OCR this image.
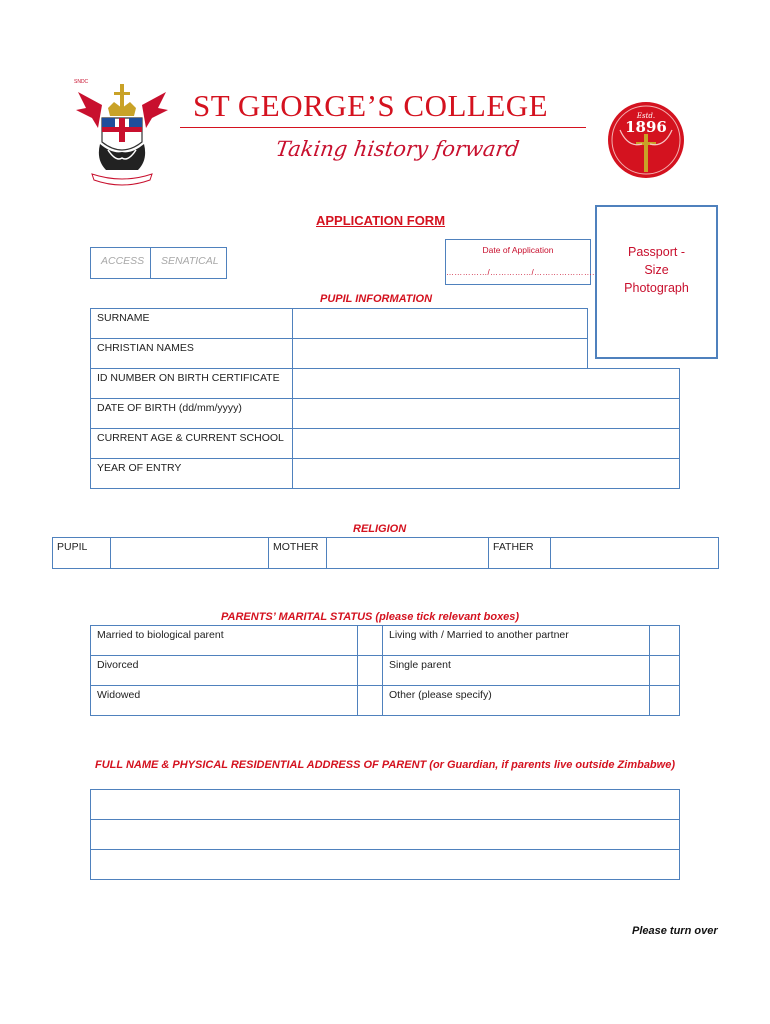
SNDC
ST GEORGE’S COLLEGE
Taking history forward
Estd.
1896
APPLICATION FORM
ACCESS	SENATICAL
Date of Application
……………/……………/………………….
Passport -
Size
Photograph
PUPIL INFORMATION
SURNAME	
CHRISTIAN NAMES	
ID NUMBER ON BIRTH CERTIFICATE	
DATE OF BIRTH (dd/mm/yyyy)	
CURRENT AGE & CURRENT SCHOOL	
YEAR OF ENTRY	
RELIGION
PUPIL		MOTHER		FATHER	
PARENTS’ MARITAL STATUS (please tick relevant boxes)
Married to biological parent		Living with / Married to another partner	
Divorced		Single parent	
Widowed		Other (please specify)	
FULL NAME & PHYSICAL RESIDENTIAL ADDRESS OF PARENT (or Guardian, if parents live outside Zimbabwe)

Please turn over
